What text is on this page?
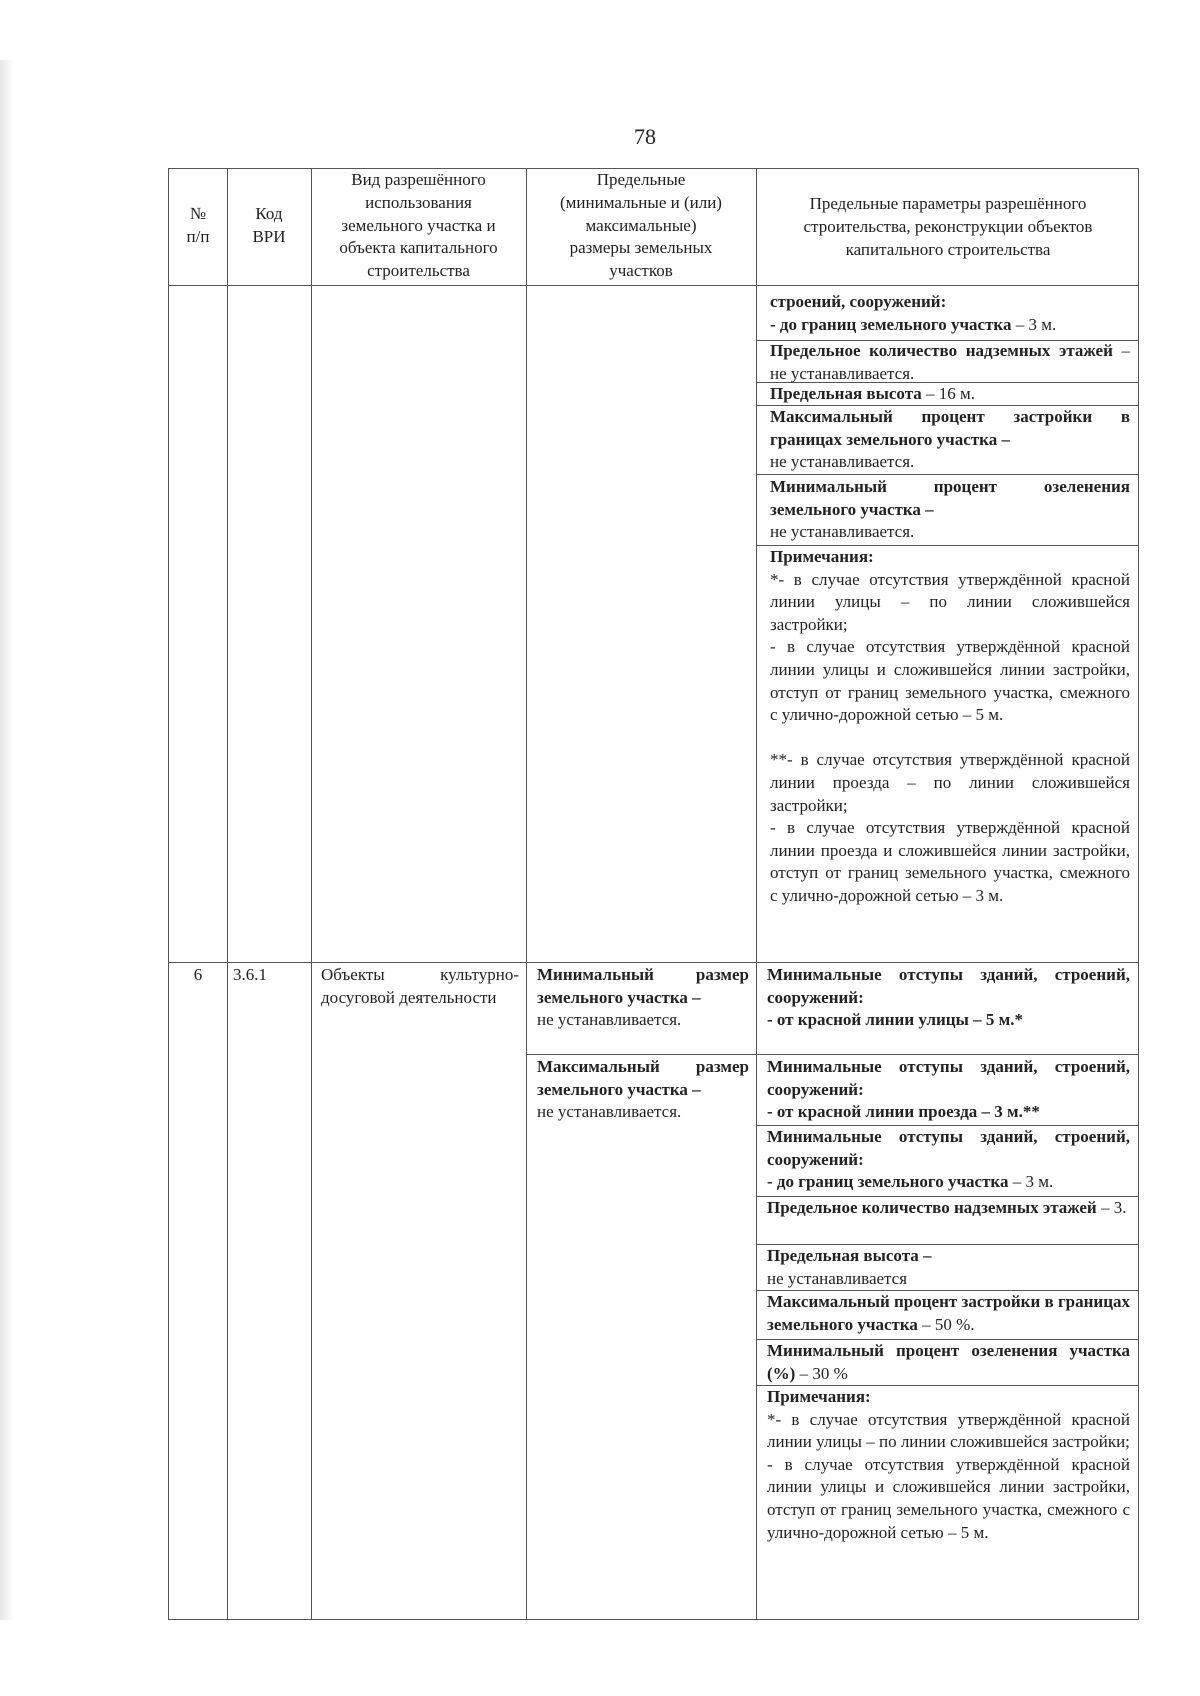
78
№
п/п
Код
ВРИ
Вид разрешённого
использования
земельного участка и
объекта капитального
строительства
Предельные
(минимальные и (или)
максимальные)
размеры земельных
участков
Предельные параметры разрешённого
строительства, реконструкции объектов
капитального строительства
строений, сооружений:
- до границ земельного участка – 3 м.
Предельное количество надземных этажей – не устанавливается.
Предельная высота – 16 м.
Максимальный процент застройки в границах земельного участка –
не устанавливается.
Минимальный процент озеленения земельного участка –
не устанавливается.
Примечания:
*- в случае отсутствия утверждённой красной линии улицы – по линии сложившейся застройки;
- в случае отсутствия утверждённой красной линии улицы и сложившейся линии застройки, отступ от границ земельного участка, смежного
с улично-дорожной сетью – 5 м.
**- в случае отсутствия утверждённой красной линии проезда – по линии сложившейся застройки;
- в случае отсутствия утверждённой красной линии проезда и сложившейся линии застройки, отступ от границ земельного участка, смежного
с улично-дорожной сетью – 3 м.
6	3.6.1	Объекты культурно-досуговой деятельности
Минимальный размер земельного участка –
не устанавливается.
Максимальный размер земельного участка –
не устанавливается.
Минимальные отступы зданий, строений, сооружений:
- от красной линии улицы – 5 м.*
Минимальные отступы зданий, строений, сооружений:
- от красной линии проезда – 3 м.**
Минимальные отступы зданий, строений, сооружений:
- до границ земельного участка – 3 м.
Предельное количество надземных этажей – 3.
Предельная высота –
не устанавливается
Максимальный процент застройки в границах земельного участка – 50 %.
Минимальный процент озеленения участка (%) – 30 %
Примечания:
*- в случае отсутствия утверждённой красной линии улицы – по линии сложившейся застройки;
- в случае отсутствия утверждённой красной линии улицы и сложившейся линии застройки, отступ от границ земельного участка, смежного с улично-дорожной сетью – 5 м.
